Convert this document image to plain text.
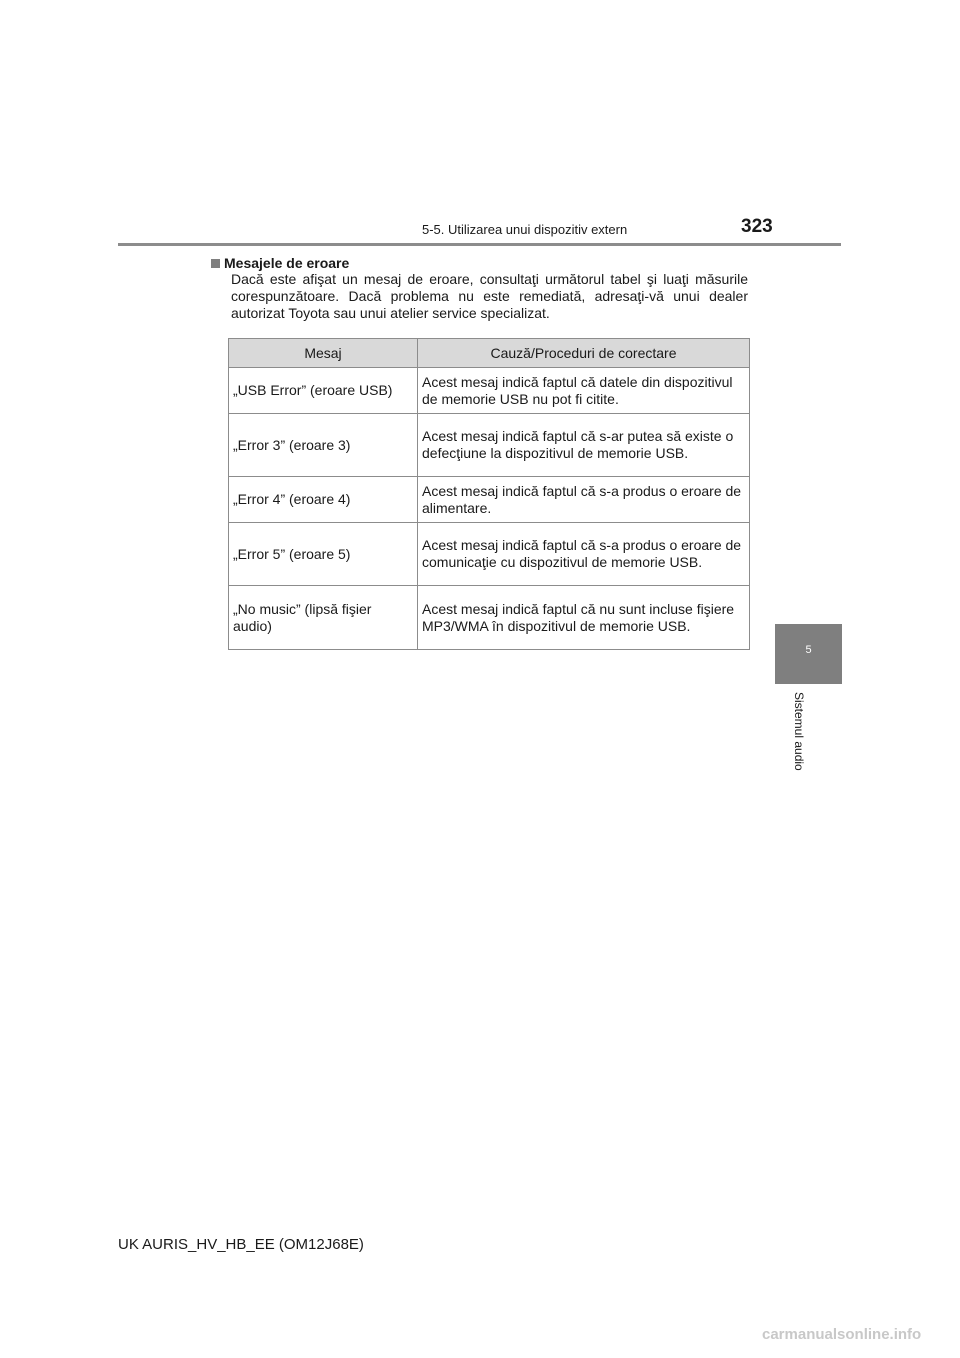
5-5. Utilizarea unui dispozitiv extern	323
5
Sistemul audio
Mesajele de eroare
Dacă este afişat un mesaj de eroare, consultaţi următorul tabel şi luaţi măsurile corespunzătoare. Dacă problema nu este remediată, adresaţi-vă unui dealer autorizat Toyota sau unui atelier service specializat.
Mesaj	Cauză/Proceduri de corectare
„USB Error” (eroare USB)	Acest mesaj indică faptul că datele din dispozitivul de memorie USB nu pot fi citite.
„Error 3” (eroare 3)	Acest mesaj indică faptul că s-ar putea să existe o defecţiune la dispozitivul de memorie USB.
„Error 4” (eroare 4)	Acest mesaj indică faptul că s-a produs o eroare de alimentare.
„Error 5” (eroare 5)	Acest mesaj indică faptul că s-a produs o eroare de comunicaţie cu dispozitivul de memorie USB.
„No music” (lipsă fişier audio)	Acest mesaj indică faptul că nu sunt incluse fişiere MP3/WMA în dispozitivul de memorie USB.
UK AURIS_HV_HB_EE (OM12J68E)
carmanualsonline.info
